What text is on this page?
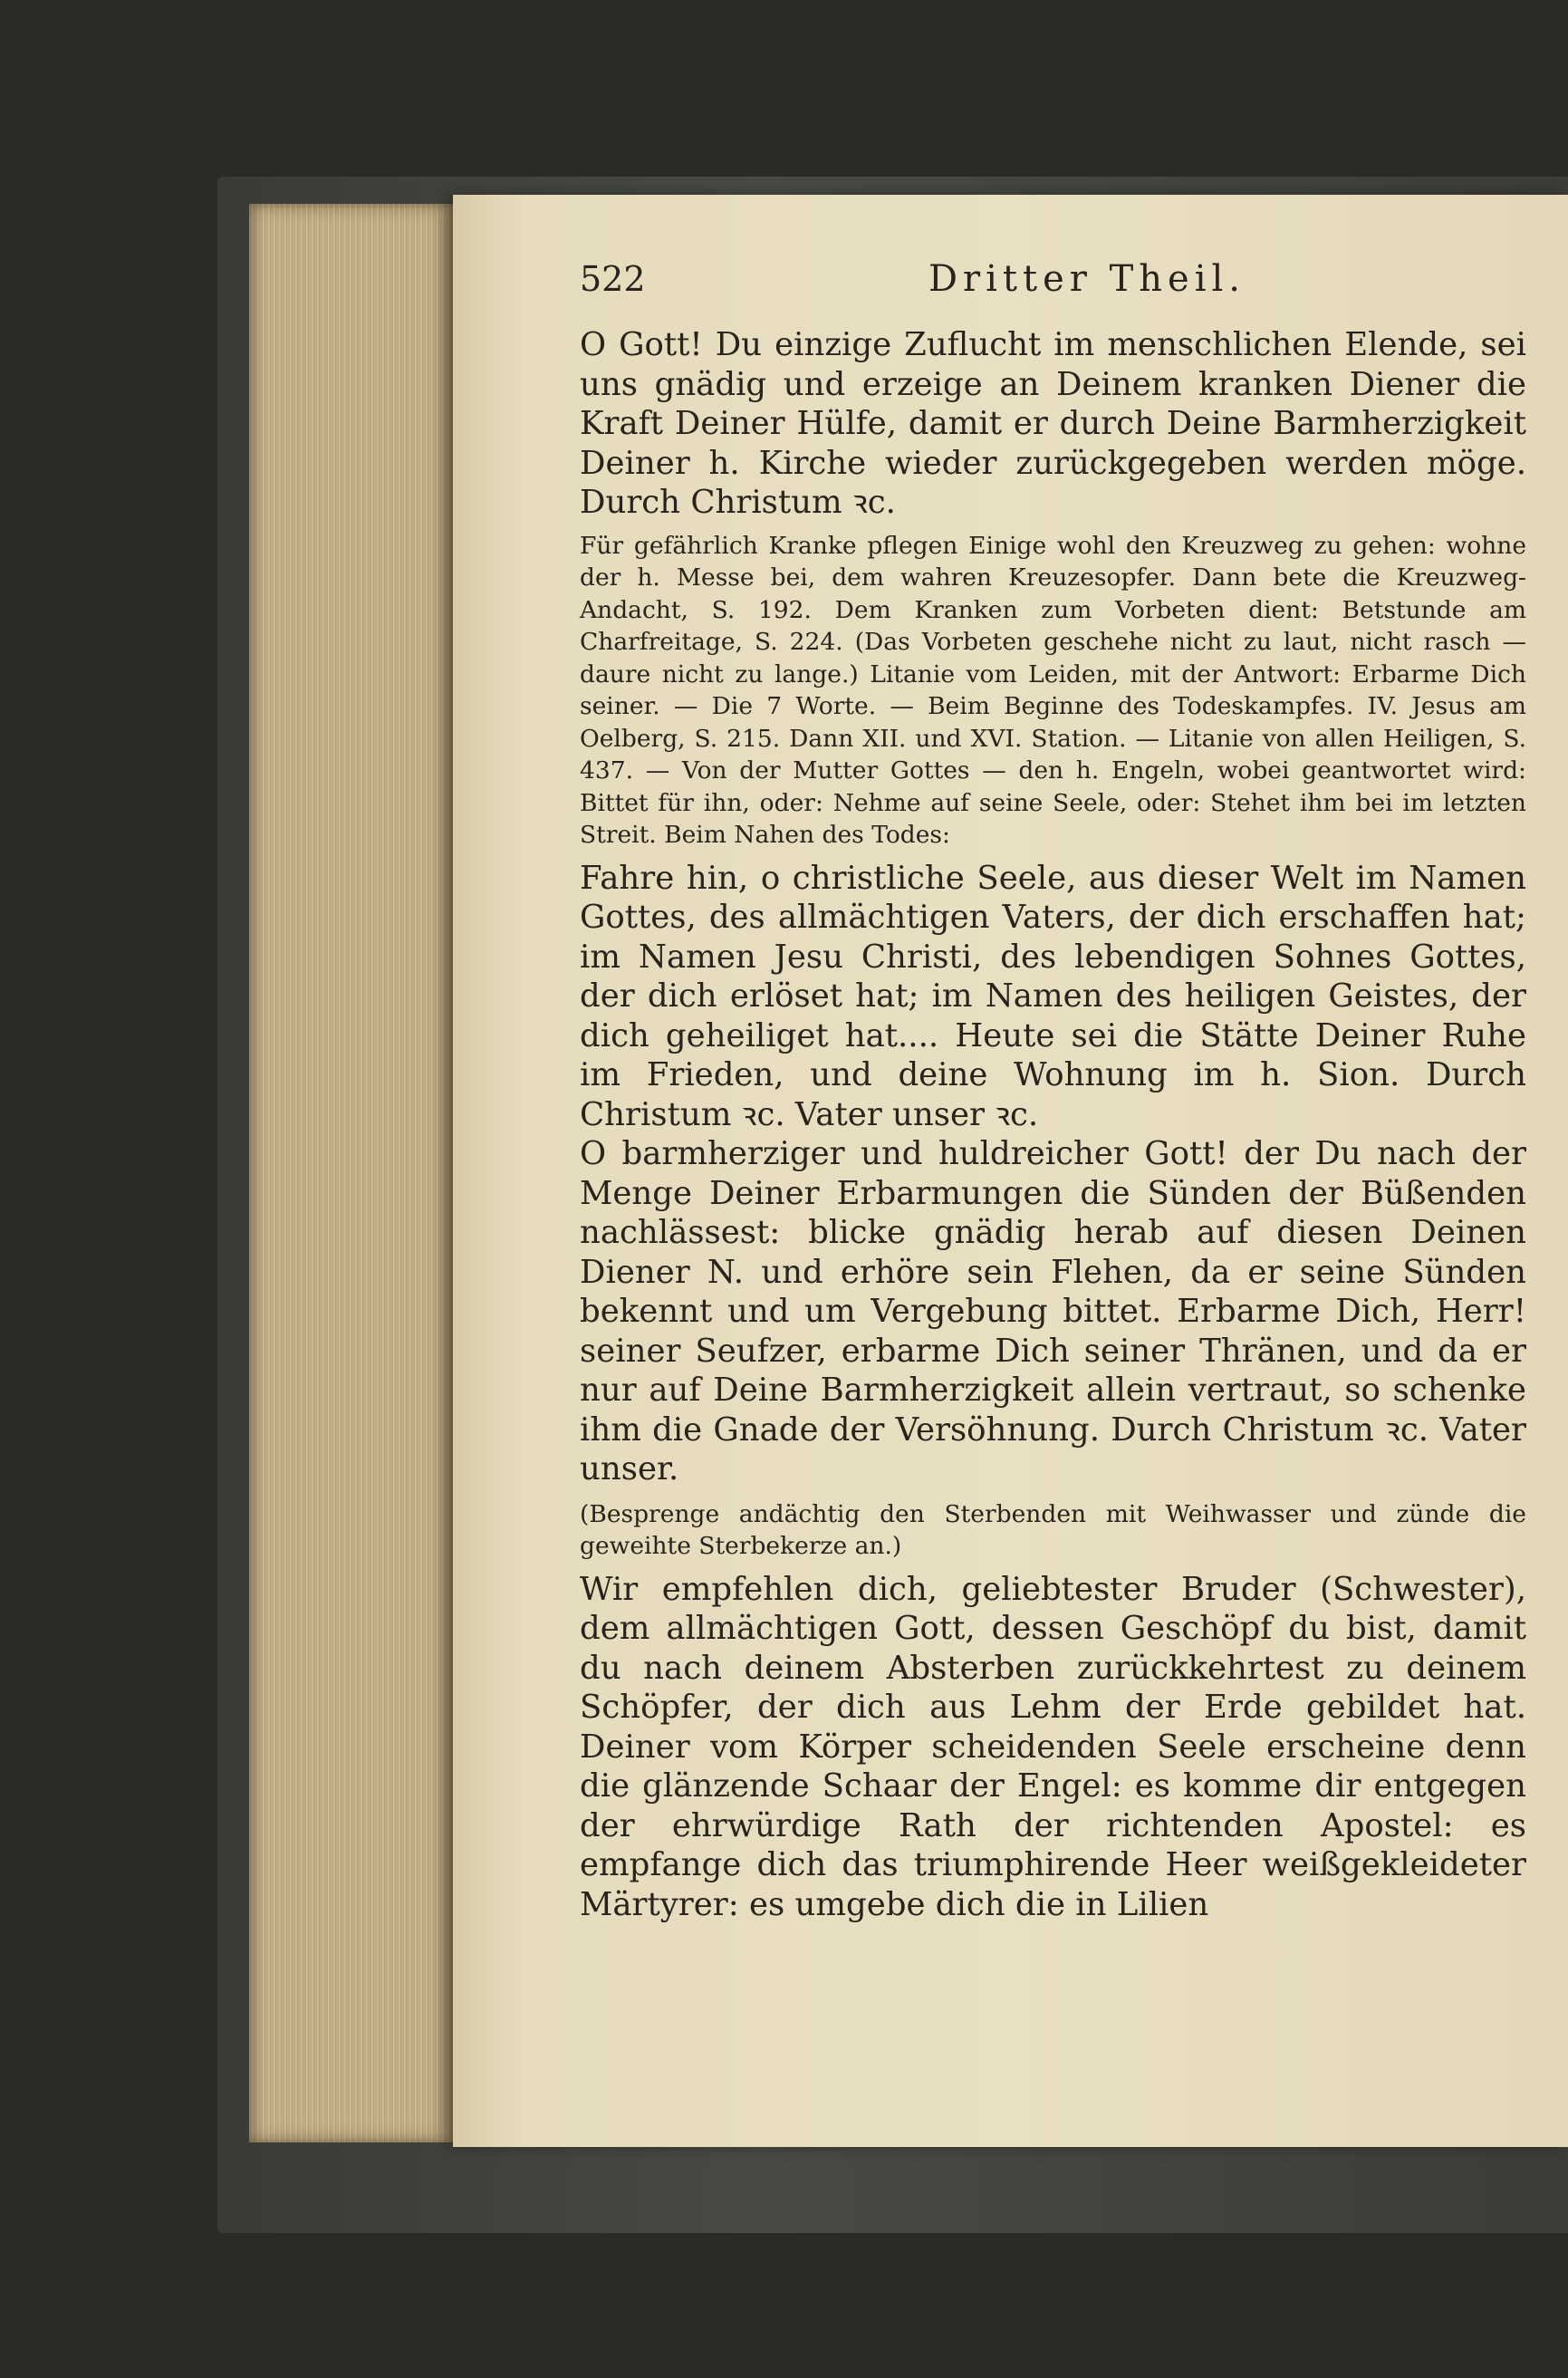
522	Dritter Theil.

O Gott! Du einzige Zuflucht im menschlichen Elende, sei uns gnädig und erzeige an Deinem kranken Diener die Kraft Deiner Hülfe, damit er durch Deine Barmherzigkeit Deiner h. Kirche wieder zurückgegeben werden möge. Durch Christum ꝛc.

Für gefährlich Kranke pflegen Einige wohl den Kreuzweg zu gehen: wohne der h. Messe bei, dem wahren Kreuzesopfer. Dann bete die Kreuzweg-Andacht, S. 192. Dem Kranken zum Vorbeten dient: Betstunde am Charfreitage, S. 224. (Das Vorbeten geschehe nicht zu laut, nicht rasch — daure nicht zu lange.) Litanie vom Leiden, mit der Antwort: Erbarme Dich seiner. — Die 7 Worte. — Beim Beginne des Todeskampfes. IV. Jesus am Oelberg, S. 215. Dann XII. und XVI. Station. — Litanie von allen Heiligen, S. 437. — Von der Mutter Gottes — den h. Engeln, wobei geantwortet wird: Bittet für ihn, oder: Nehme auf seine Seele, oder: Stehet ihm bei im letzten Streit. Beim Nahen des Todes:

Fahre hin, o christliche Seele, aus dieser Welt im Namen Gottes, des allmächtigen Vaters, der dich erschaffen hat; im Namen Jesu Christi, des lebendigen Sohnes Gottes, der dich erlöset hat; im Namen des heiligen Geistes, der dich geheiliget hat.... Heute sei die Stätte Deiner Ruhe im Frieden, und deine Wohnung im h. Sion. Durch Christum ꝛc. Vater unser ꝛc.

O barmherziger und huldreicher Gott! der Du nach der Menge Deiner Erbarmungen die Sünden der Büßenden nachlässest: blicke gnädig herab auf diesen Deinen Diener N. und erhöre sein Flehen, da er seine Sünden bekennt und um Vergebung bittet. Erbarme Dich, Herr! seiner Seufzer, erbarme Dich seiner Thränen, und da er nur auf Deine Barmherzigkeit allein vertraut, so schenke ihm die Gnade der Versöhnung. Durch Christum ꝛc. Vater unser.

(Besprenge andächtig den Sterbenden mit Weihwasser und zünde die geweihte Sterbekerze an.)

Wir empfehlen dich, geliebtester Bruder (Schwester), dem allmächtigen Gott, dessen Geschöpf du bist, damit du nach deinem Absterben zurückkehrtest zu deinem Schöpfer, der dich aus Lehm der Erde gebildet hat. Deiner vom Körper scheidenden Seele erscheine denn die glänzende Schaar der Engel: es komme dir entgegen der ehrwürdige Rath der richtenden Apostel: es empfange dich das triumphirende Heer weißgekleideter Märtyrer: es umgebe dich die in Lilien
